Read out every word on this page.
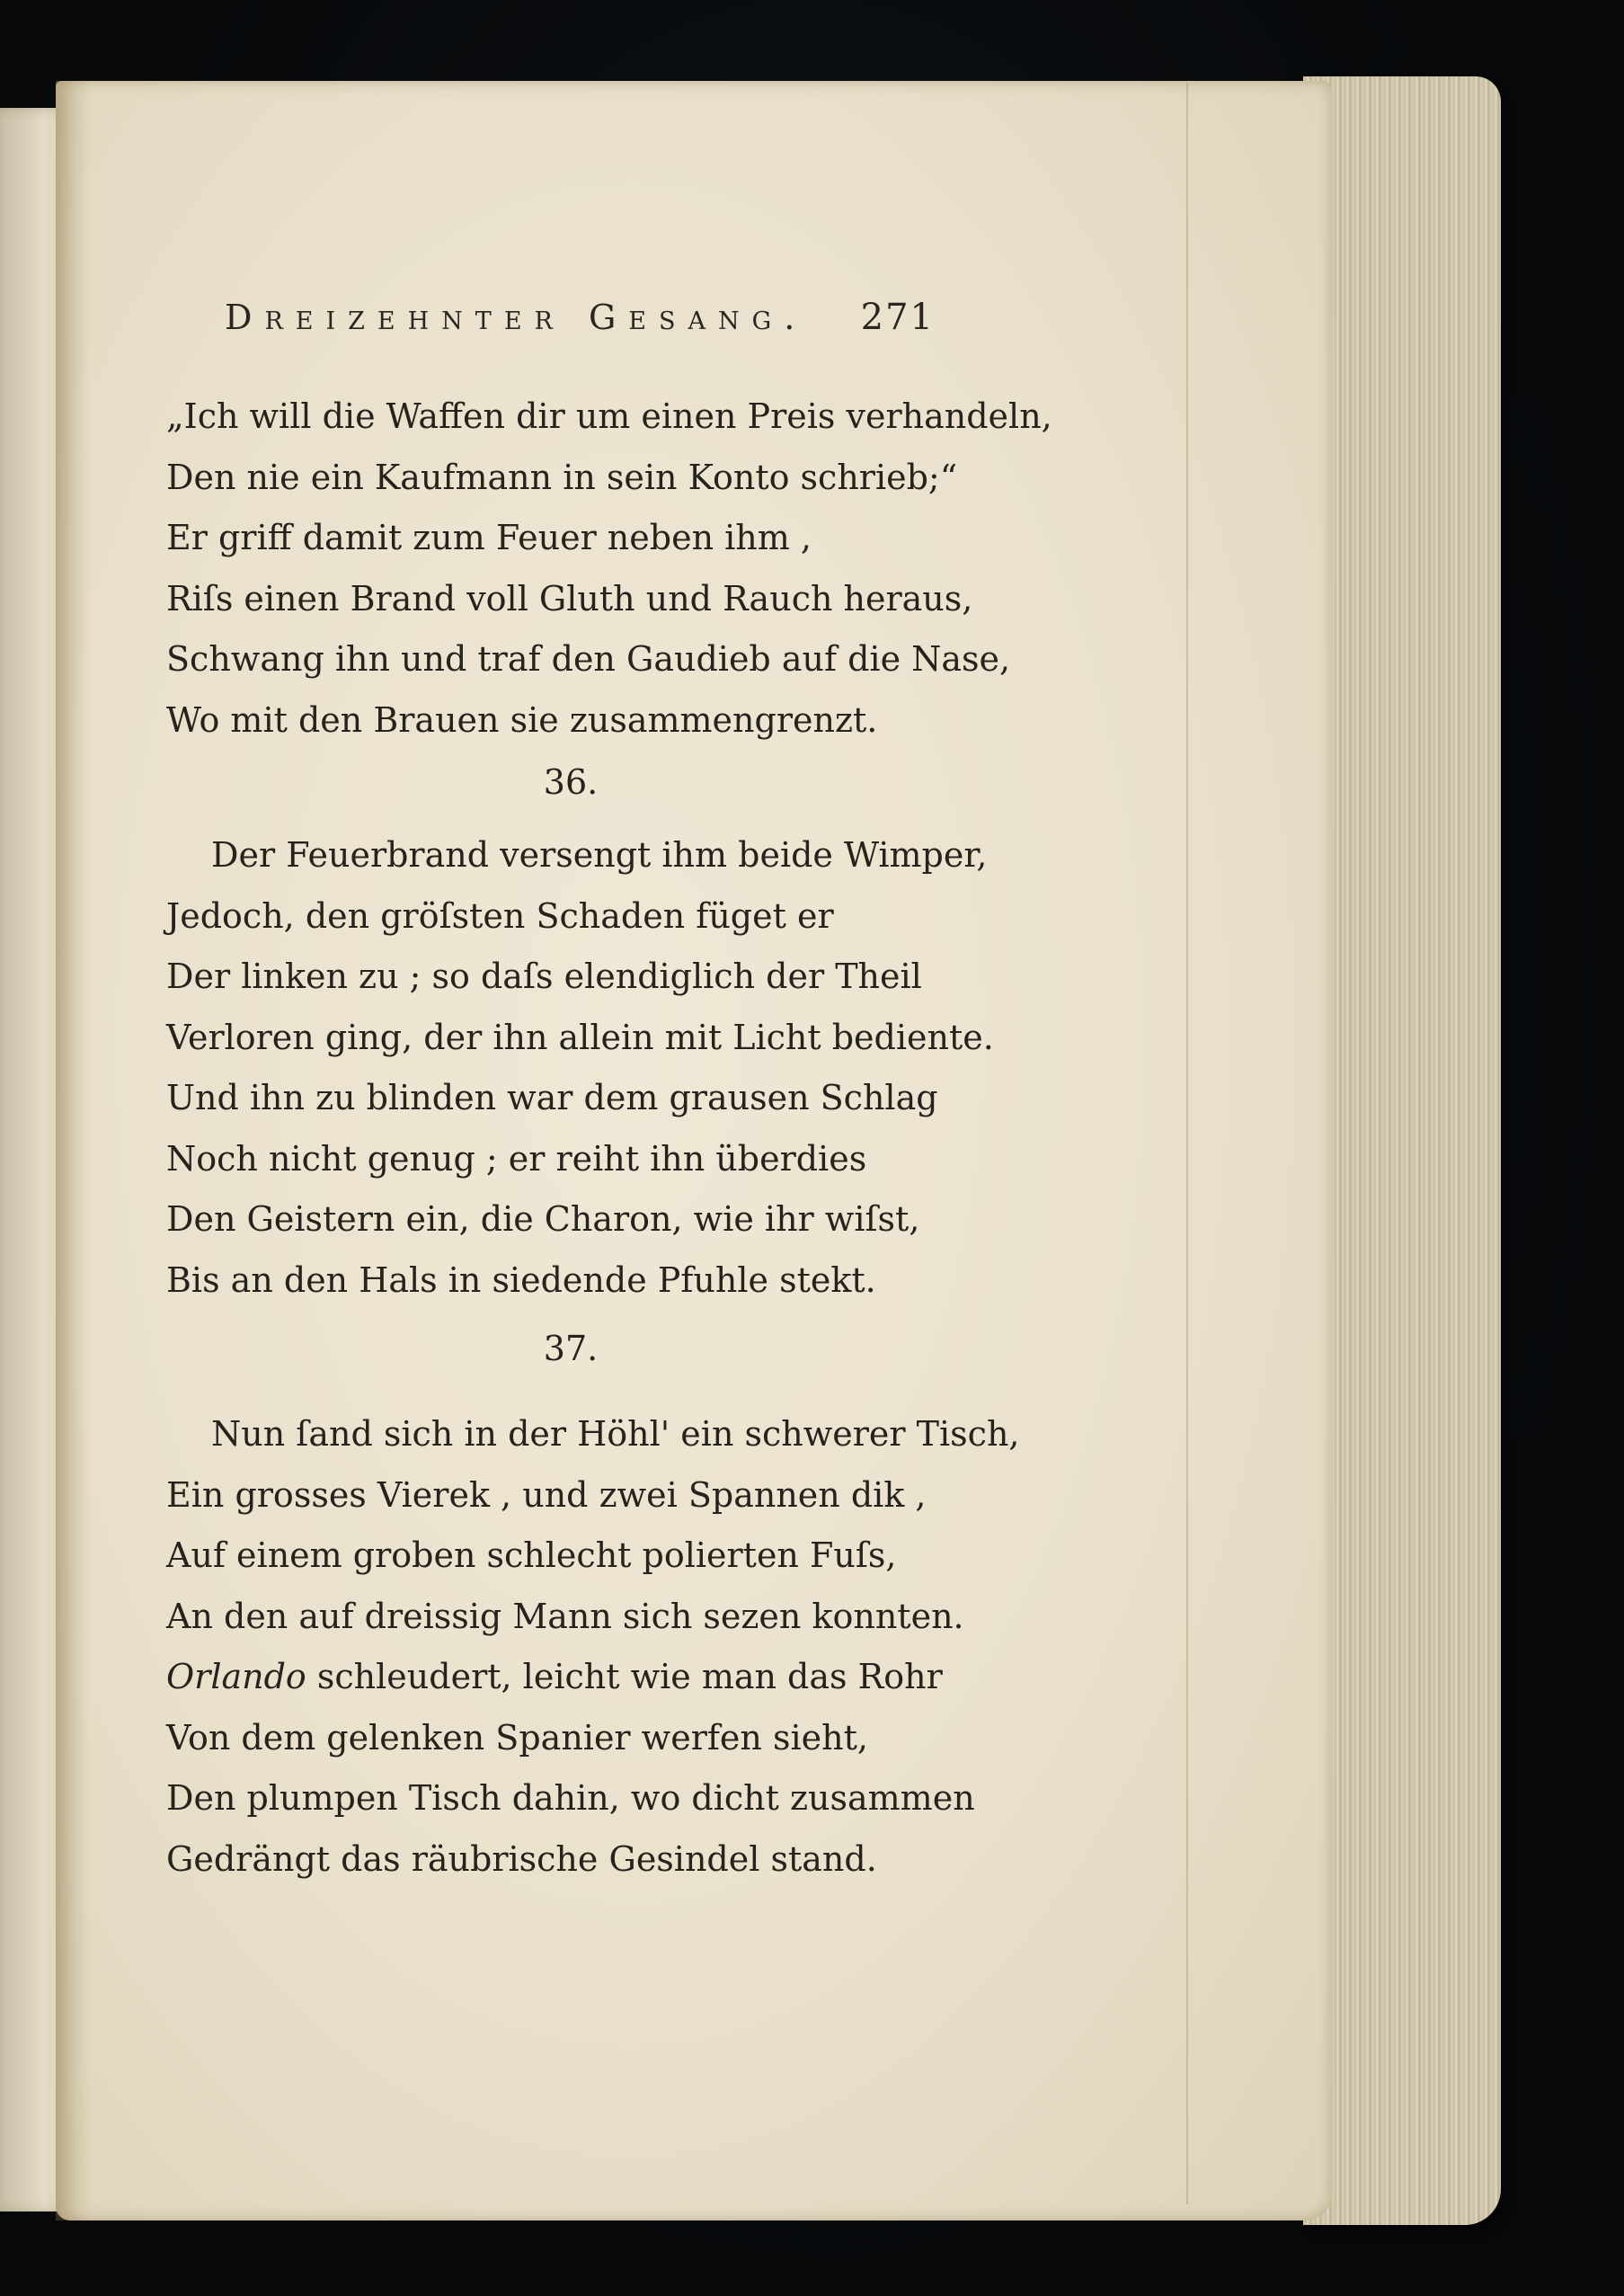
Dreizehnter Gesang. 271
„Ich will die Waffen dir um einen Preis verhandeln,
Den nie ein Kaufmann in sein Konto schrieb;“
Er griff damit zum Feuer neben ihm ,
Riſs einen Brand voll Gluth und Rauch heraus,
Schwang ihn und traf den Gaudieb auf die Nase,
Wo mit den Brauen sie zusammengrenzt.
36.
Der Feuerbrand versengt ihm beide Wimper,
Jedoch, den gröſsten Schaden füget er
Der linken zu ; so daſs elendiglich der Theil
Verloren ging, der ihn allein mit Licht bediente.
Und ihn zu blinden war dem grausen Schlag
Noch nicht genug ; er reiht ihn überdies
Den Geistern ein, die Charon, wie ihr wiſst,
Bis an den Hals in siedende Pfuhle stekt.
37.
Nun ſand sich in der Höhl' ein schwerer Tisch,
Ein grosses Vierek , und zwei Spannen dik ,
Auf einem groben schlecht polierten Fuſs,
An den auf dreissig Mann sich sezen konnten.
Orlando schleudert, leicht wie man das Rohr
Von dem gelenken Spanier werfen sieht,
Den plumpen Tisch dahin, wo dicht zusammen
Gedrängt das räubrische Gesindel stand.
